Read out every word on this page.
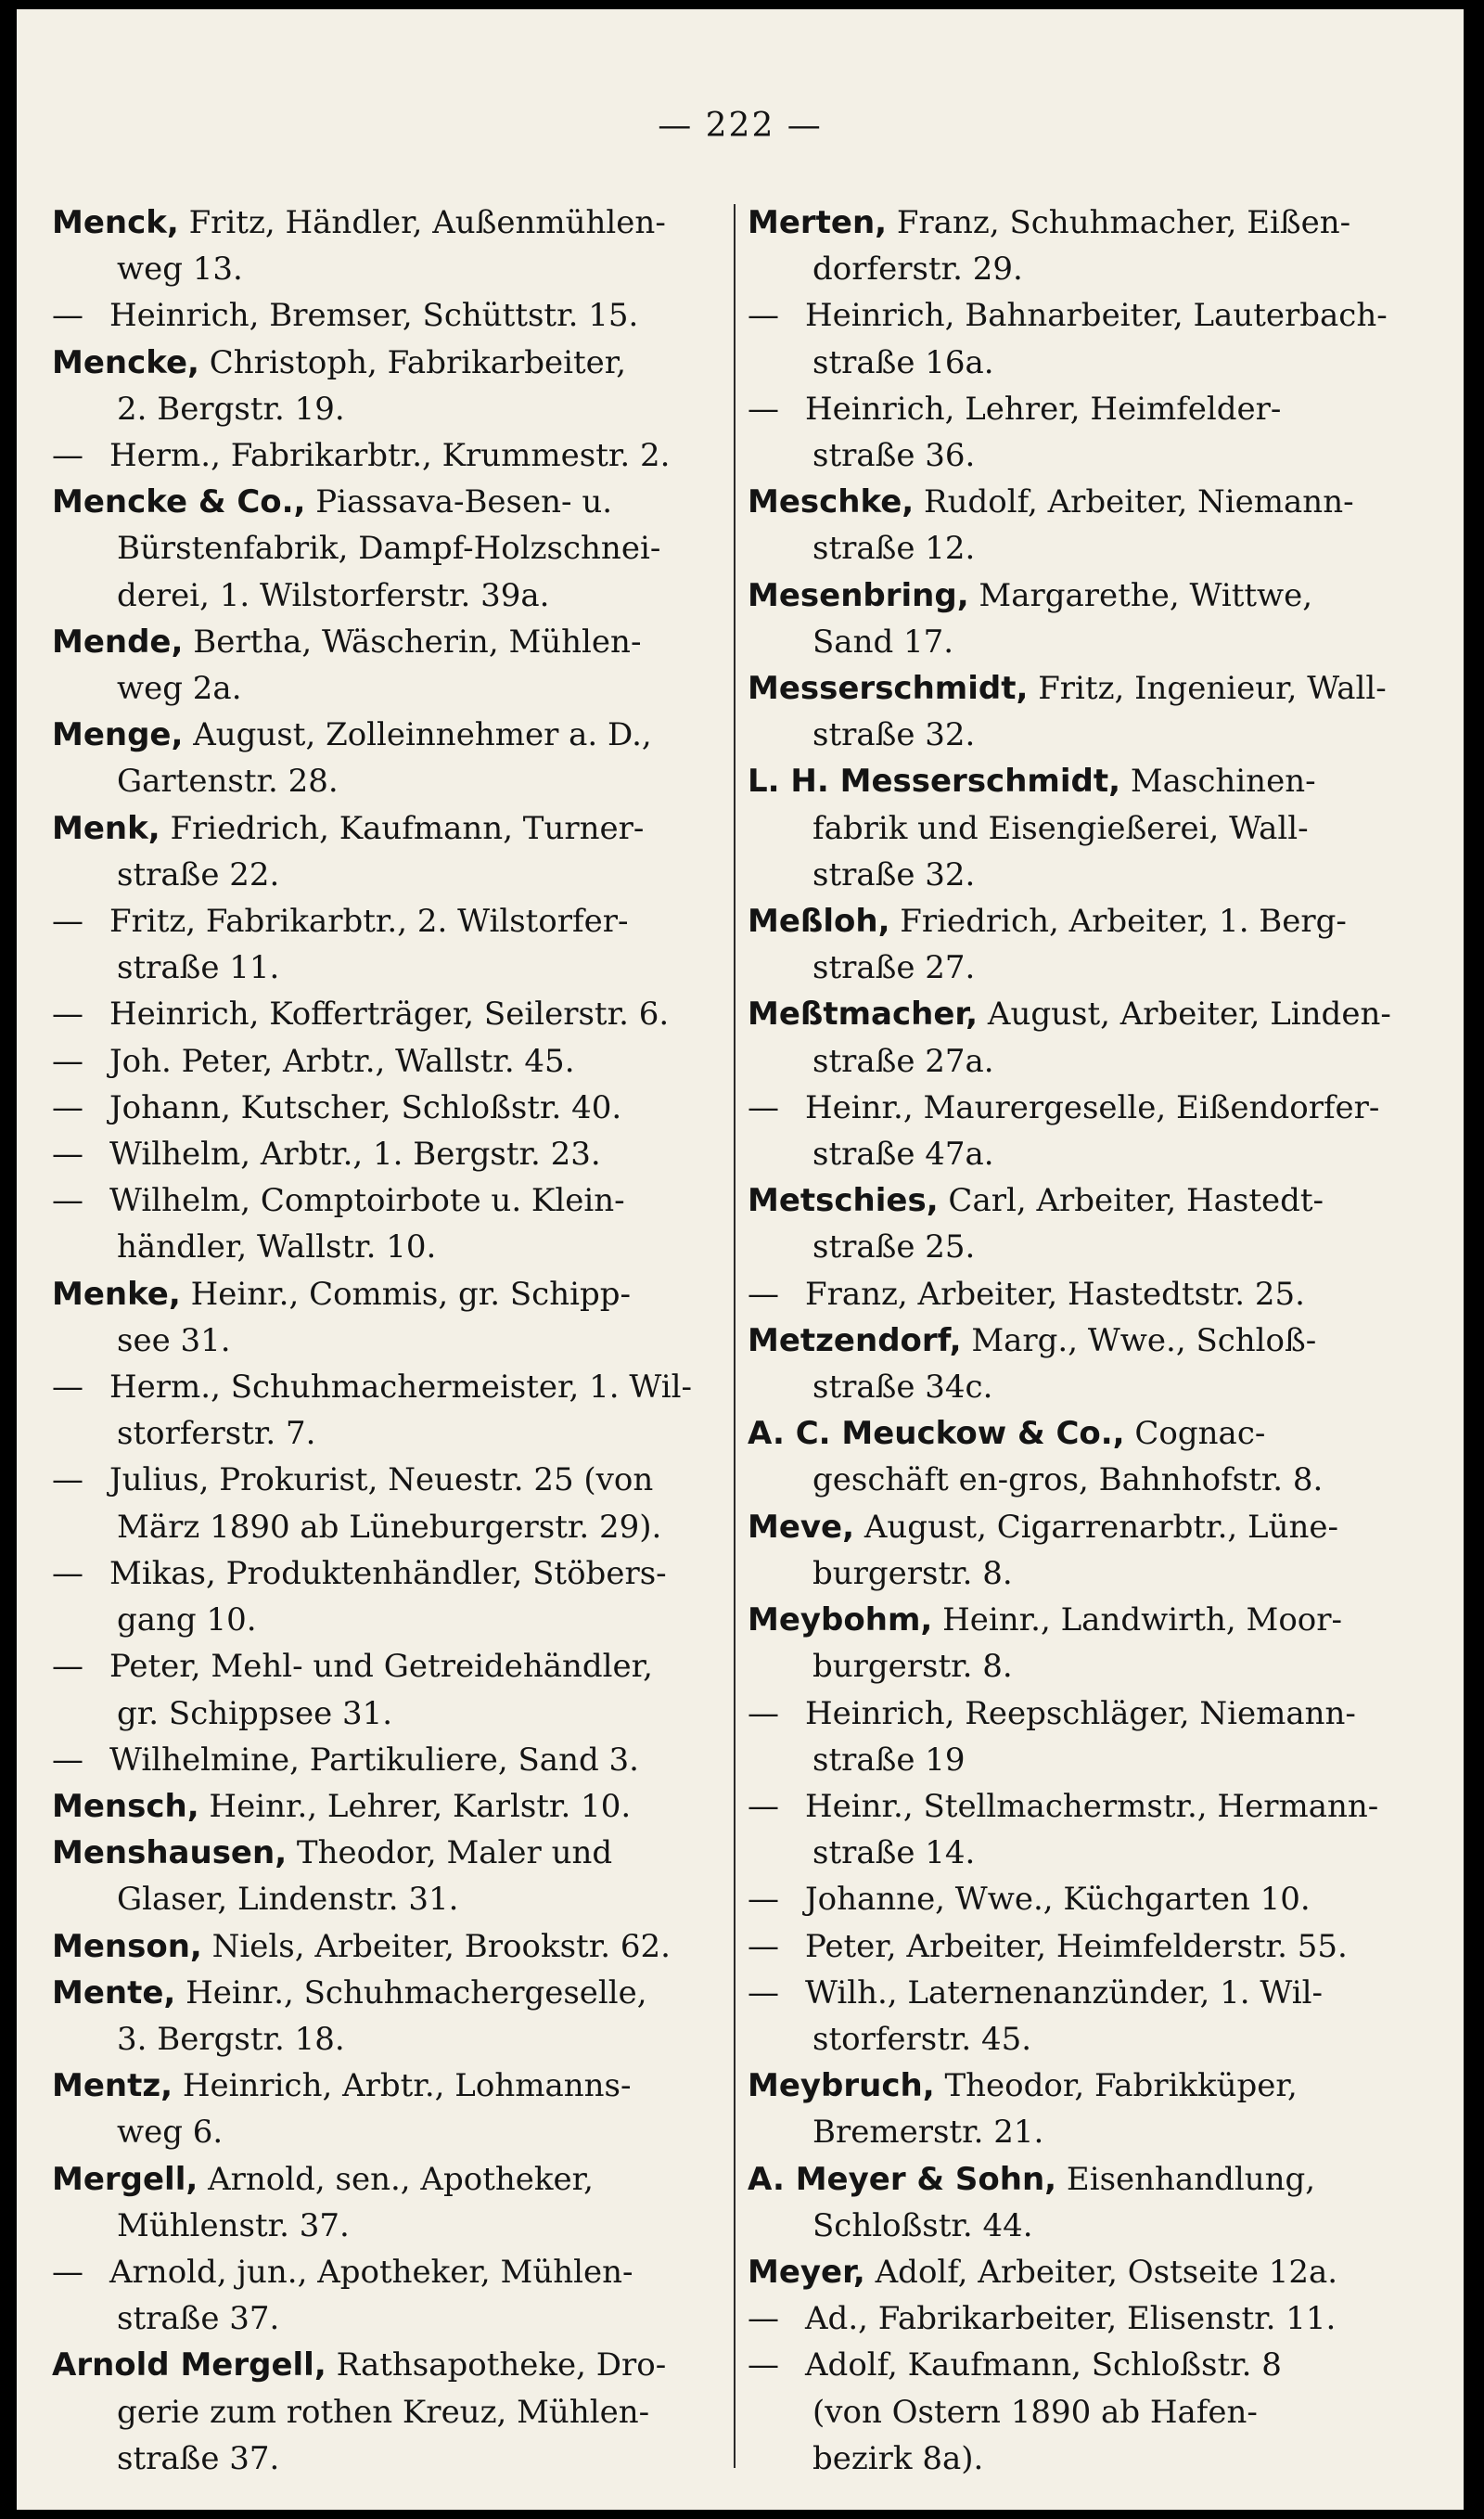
— 222 —
Menck, Fritz, Händler, Außenmühlen-
weg 13.
— Heinrich, Bremser, Schüttstr. 15.
Mencke, Christoph, Fabrikarbeiter,
2. Bergstr. 19.
— Herm., Fabrikarbtr., Krummestr. 2.
Mencke & Co., Piassava-Besen- u.
Bürstenfabrik, Dampf-Holzschnei-
derei, 1. Wilstorferstr. 39a.
Mende, Bertha, Wäscherin, Mühlen-
weg 2a.
Menge, August, Zolleinnehmer a. D.,
Gartenstr. 28.
Menk, Friedrich, Kaufmann, Turner-
straße 22.
— Fritz, Fabrikarbtr., 2. Wilstorfer-
straße 11.
— Heinrich, Kofferträger, Seilerstr. 6.
— Joh. Peter, Arbtr., Wallstr. 45.
— Johann, Kutscher, Schloßstr. 40.
— Wilhelm, Arbtr., 1. Bergstr. 23.
— Wilhelm, Comptoirbote u. Klein-
händler, Wallstr. 10.
Menke, Heinr., Commis, gr. Schipp-
see 31.
— Herm., Schuhmachermeister, 1. Wil-
storferstr. 7.
— Julius, Prokurist, Neuestr. 25 (von
März 1890 ab Lüneburgerstr. 29).
— Mikas, Produktenhändler, Stöbers-
gang 10.
— Peter, Mehl- und Getreidehändler,
gr. Schippsee 31.
— Wilhelmine, Partikuliere, Sand 3.
Mensch, Heinr., Lehrer, Karlstr. 10.
Menshausen, Theodor, Maler und
Glaser, Lindenstr. 31.
Menson, Niels, Arbeiter, Brookstr. 62.
Mente, Heinr., Schuhmachergeselle,
3. Bergstr. 18.
Mentz, Heinrich, Arbtr., Lohmanns-
weg 6.
Mergell, Arnold, sen., Apotheker,
Mühlenstr. 37.
— Arnold, jun., Apotheker, Mühlen-
straße 37.
Arnold Mergell, Rathsapotheke, Dro-
gerie zum rothen Kreuz, Mühlen-
straße 37.
Merten, Franz, Schuhmacher, Eißen-
dorferstr. 29.
— Heinrich, Bahnarbeiter, Lauterbach-
straße 16a.
— Heinrich, Lehrer, Heimfelder-
straße 36.
Meschke, Rudolf, Arbeiter, Niemann-
straße 12.
Mesenbring, Margarethe, Wittwe,
Sand 17.
Messerschmidt, Fritz, Ingenieur, Wall-
straße 32.
L. H. Messerschmidt, Maschinen-
fabrik und Eisengießerei, Wall-
straße 32.
Meßloh, Friedrich, Arbeiter, 1. Berg-
straße 27.
Meßtmacher, August, Arbeiter, Linden-
straße 27a.
— Heinr., Maurergeselle, Eißendorfer-
straße 47a.
Metschies, Carl, Arbeiter, Hastedt-
straße 25.
— Franz, Arbeiter, Hastedtstr. 25.
Metzendorf, Marg., Wwe., Schloß-
straße 34c.
A. C. Meuckow & Co., Cognac-
geschäft en-gros, Bahnhofstr. 8.
Meve, August, Cigarrenarbtr., Lüne-
burgerstr. 8.
Meybohm, Heinr., Landwirth, Moor-
burgerstr. 8.
— Heinrich, Reepschläger, Niemann-
straße 19
— Heinr., Stellmachermstr., Hermann-
straße 14.
— Johanne, Wwe., Küchgarten 10.
— Peter, Arbeiter, Heimfelderstr. 55.
— Wilh., Laternenanzünder, 1. Wil-
storferstr. 45.
Meybruch, Theodor, Fabrikküper,
Bremerstr. 21.
A. Meyer & Sohn, Eisenhandlung,
Schloßstr. 44.
Meyer, Adolf, Arbeiter, Ostseite 12a.
— Ad., Fabrikarbeiter, Elisenstr. 11.
— Adolf, Kaufmann, Schloßstr. 8
(von Ostern 1890 ab Hafen-
bezirk 8a).
